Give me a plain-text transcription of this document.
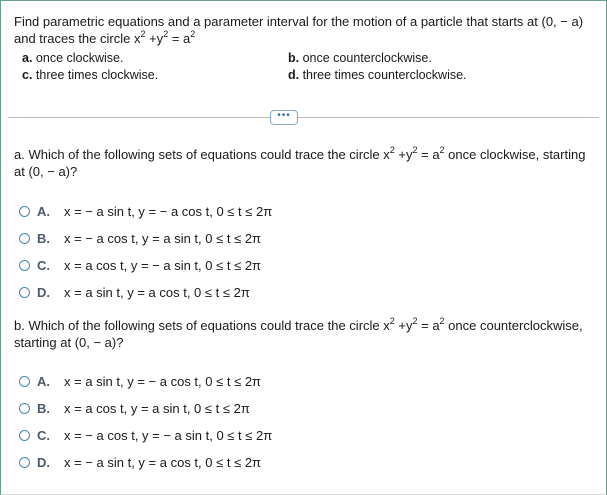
Find parametric equations and a parameter interval for the motion of a particle that starts at (0, − a)
and traces the circle $x^2 +y^2 = a^2$
a. once clockwise.	b. once counterclockwise.
c. three times clockwise.	d. three times counterclockwise.
•••
a. Which of the following sets of equations could trace the circle $x^2 +y^2 = a^2$ once clockwise, starting
at (0, − a)?
A. x = − a sin t, y = − a cos t, 0 ≤ t ≤ 2π
B. x = − a cos t, y = a sin t, 0 ≤ t ≤ 2π
C. x = a cos t, y = − a sin t, 0 ≤ t ≤ 2π
D. x = a sin t, y = a cos t, 0 ≤ t ≤ 2π
b. Which of the following sets of equations could trace the circle $x^2 +y^2 = a^2$ once counterclockwise,
starting at (0, − a)?
A. x = a sin t, y = − a cos t, 0 ≤ t ≤ 2π
B. x = a cos t, y = a sin t, 0 ≤ t ≤ 2π
C. x = − a cos t, y = − a sin t, 0 ≤ t ≤ 2π
D. x = − a sin t, y = a cos t, 0 ≤ t ≤ 2π
